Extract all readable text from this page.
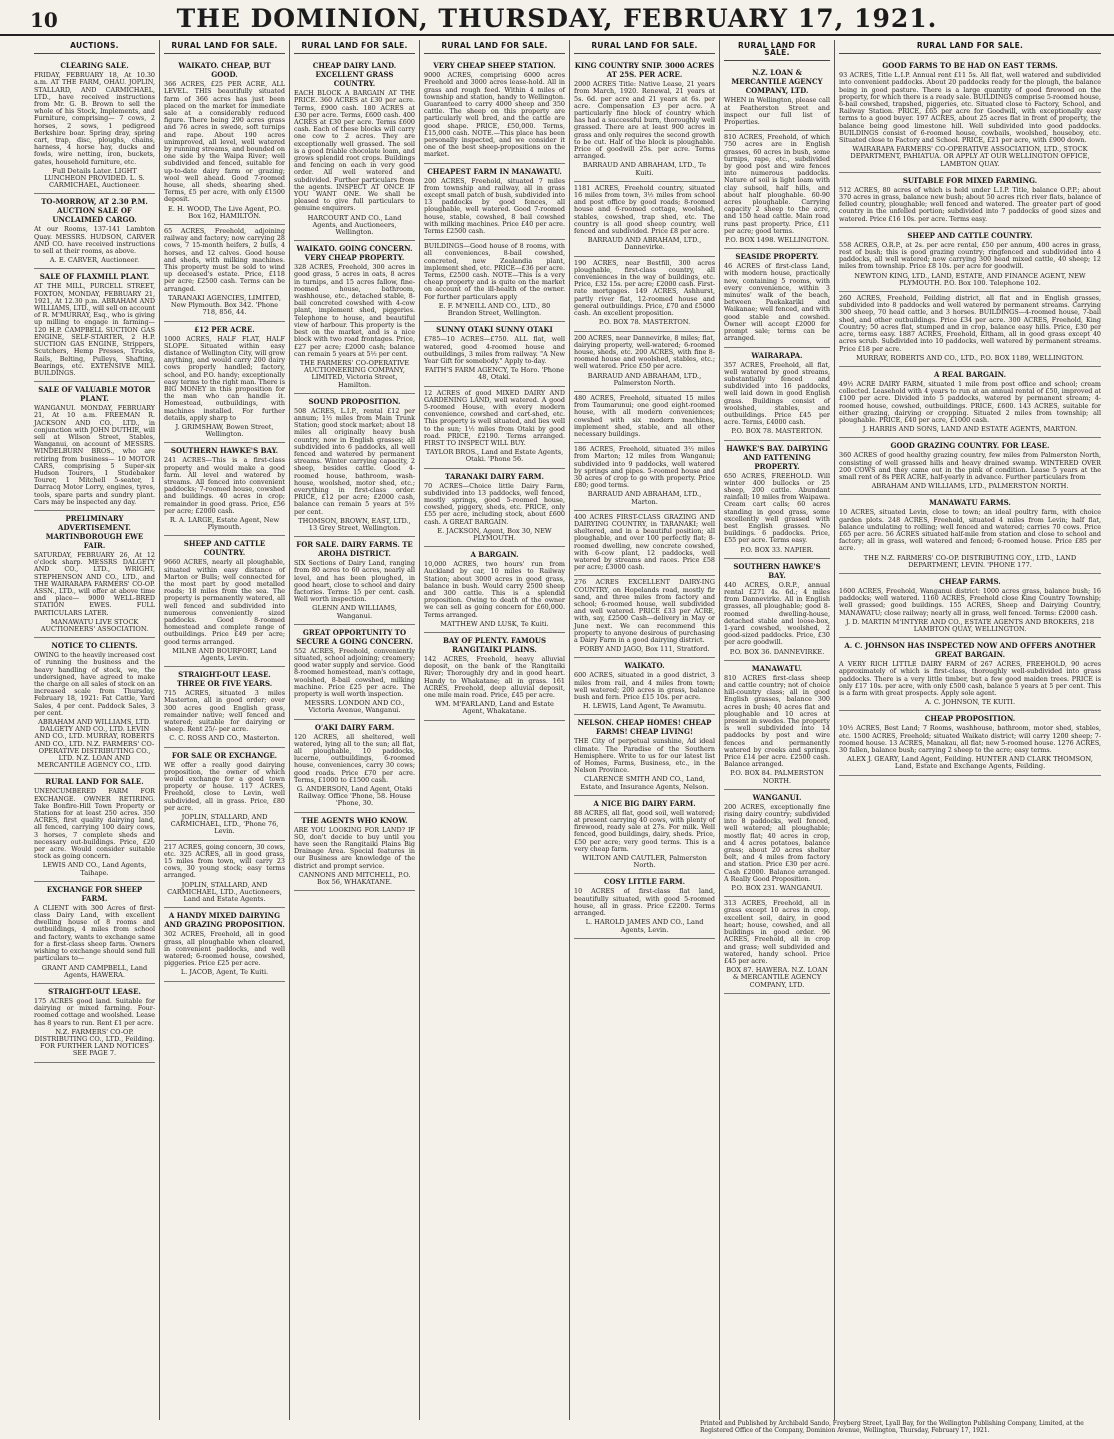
10	THE DOMINION, THURSDAY, FEBRUARY 17, 1921.
AUCTIONS.
CLEARING SALE.

FRIDAY, FEBRUARY 18, At 10.30 a.m. AT THE FARM, OHAU. JOPLIN, STALLARD, AND CARMICHAEL, LTD., have received instructions from Mr. G. B. Brown to sell the whole of his Stock, Implements, and Furniture, comprising— 7 cows, 2 horses, 2 sows, 1 pedigreed Berkshire boar. Spring dray, spring cart, trap, disc, ploughs, chains, harness, 4 horse hay, ducks and fowls, wire netting, iron, buckets, gates, household furniture, etc.

Full Details Later. LIGHT LUNCHEON PROVIDED. L. S. CARMICHAEL, Auctioneer.
TO-MORROW, AT 2.30 P.M. AUCTION SALE OF UNCLAIMED CARGO.

At our Rooms, 137-141 Lambton Quay. MESSRS. HUDSON, CARVER AND CO. have received instructions to sell at their rooms, as above.

A. E. CARVER, Auctioneer.
SALE OF FLAXMILL PLANT.

AT THE MILL, PURCELL STREET, FOXTON, MONDAY, FEBRUARY 21, 1921, At 12.30 p.m. ABRAHAM AND WILLIAMS, LTD., will sell on account of R. M'MURRAY, Esq., who is giving up milling to engage in farming— 120 H.P. CAMPBELL SUCTION GAS ENGINE, SELF-STARTER, 2 H.P. SUCTION GAS ENGINE, Strippers, Scutchers, Hemp Presses, Trucks, Rails, Belting, Pulleys, Shafting, Bearings, etc. EXTENSIVE MILL BUILDINGS.

SALE OF VALUABLE MOTOR PLANT.

WANGANUI. MONDAY, FEBRUARY 21, At 10 a.m. FREEMAN R. JACKSON AND CO., LTD., in conjunction with JOHN DUTHIE, will sell at Wilson Street, Stables, Wanganui, on account of MESSRS. WINDELBURN BROS., who are retiring from business— 10 MOTOR CARS, comprising 5 Super-six Hudson Tourers, 1 Studebaker Tourer, 1 Mitchell 5-seater, 1 Darracq Motor Lorry, engines, tyres, tools, spare parts and sundry plant. Cars may be inspected any day.

PRELIMINARY ADVERTISEMENT. MARTINBOROUGH EWE FAIR.

SATURDAY, FEBRUARY 26, At 12 o'clock sharp. MESSRS DALGETY AND CO., LTD., WRIGHT, STEPHENSON AND CO., LTD., and THE WAIRARAPA FARMERS' CO-OP. ASSN., LTD., will offer at above time and place— 9000 WELL-BRED STATION EWES. FULL PARTICULARS LATER.

MANAWATU LIVE STOCK AUCTIONEERS' ASSOCIATION.
NOTICE TO CLIENTS.

OWING to the heavily increased cost of running the business and the heavy handling of stock, we, the undersigned, have agreed to make the charge on all sales of stock on an increased scale from Thursday, February 18, 1921: Fat Cattle, Yard Sales, 4 per cent. Paddock Sales, 3 per cent.

ABRAHAM AND WILLIAMS, LTD. DALGETY AND CO., LTD. LEVIN AND CO., LTD. MURRAY, ROBERTS AND CO., LTD. N.Z. FARMERS' CO-OPERATIVE DISTRIBUTING CO., LTD. N.Z. LOAN AND MERCANTILE AGENCY CO., LTD.
RURAL LAND FOR SALE.

UNENCUMBERED FARM FOR EXCHANGE. OWNER RETIRING. Take Bonfire-Hill Town Property or Stations for at least 250 acres. 350 ACRES, first quality dairying land, all fenced, carrying 100 dairy cows, 3 horses, 7 complete sheds and necessary out-buildings. Price, £20 per acre. Would consider suitable stock as going concern.

LEWIS AND CO., Land Agents, Taihape.
EXCHANGE FOR SHEEP FARM.

A CLIENT with 300 Acres of first-class Dairy Land, with excellent dwelling house of 8 rooms and outbuildings, 4 miles from school and factory, wants to exchange same for a first-class sheep farm. Owners wishing to exchange should send full particulars to—

GRANT AND CAMPBELL, Land Agents, HAWERA.
STRAIGHT-OUT LEASE.

175 ACRES good land. Suitable for dairying or mixed farming. Four-roomed cottage and woolshed. Lease has 8 years to run. Rent £1 per acre.

N.Z. FARMERS' CO-OP. DISTRIBUTING CO., LTD., Feilding. FOR FURTHER LAND NOTICES SEE PAGE 7.
RURAL LAND FOR SALE.
WAIKATO. CHEAP, BUT GOOD.

366 ACRES, £25 PER ACRE, ALL LEVEL. THIS beautifully situated farm of 366 acres has just been placed on the market for immediate sale at a considerably reduced figure. There being 290 acres grass and 76 acres in swede, soft turnips and rape. About 190 acres unimproved, all level, well watered by running streams, and bounded on one side by the Waipa River; well subdivided and fenced, suitable for up-to-date dairy farm or grazing; wool well ahead. Good 7-roomed house, all sheds, shearing shed. Terms, £5 per acre, with only £1500 deposit.

E. H. WOOD, The Live Agent, P.O. Box 162, HAMILTON.

65 ACRES, Freehold, adjoining railway and factory; now carrying 28 cows, 7 15-month heifers, 2 bulls, 4 horses, and 12 calves. Good house and sheds, with milking machines. This property must be sold to wind up deceased's estate. Price, £118 per acre; £2500 cash. Terms can be arranged.

TARANAKI AGENCIES, LIMITED, New Plymouth. Box 342. 'Phone 718, 856, 44.
£12 PER ACRE.

1000 ACRES, HALF FLAT, HALF SLOPE. Situated within easy distance of Wellington City, will grow anything, and would carry 200 dairy cows properly handled; factory, school, and P.O. handy; exceptionally easy terms to the right man. There is BIG MONEY in this proposition for the man who can handle it. Homestead, outbuildings, with machines installed. For further details, apply sharp to

J. GRIMSHAW, Bowen Street, Wellington.
SOUTHERN HAWKE'S BAY.

241 ACRES—This is a first-class property and would make a good farm. All level and watered by streams. All fenced into convenient paddocks; 7-roomed house, cowshed and buildings. 40 acres in crop; remainder in good grass. Price, £56 per acre; £2000 cash.

R. A. LARGE, Estate Agent, New Plymouth.
SHEEP AND CATTLE COUNTRY.

9660 ACRES, nearly all ploughable, situated within easy distance of Marton or Bulls; well connected for the most part by good metalled roads; 18 miles from the sea. The property is permanently watered, all well fenced and subdivided into numerous conveniently sized paddocks. Good 8-roomed homestead and complete range of outbuildings. Price £49 per acre; good terms arranged.

MILNE AND BOURFORT, Land Agents, Levin.
STRAIGHT-OUT LEASE. THREE OR FIVE YEARS.

715 ACRES, situated 3 miles Masterton, all in good order; over 300 acres good English grass, remainder native; well fenced and watered; suitable for dairying or sheep. Rent 25/- per acre.

C. C. ROSS AND CO., Masterton.
FOR SALE OR EXCHANGE.

WE offer a really good dairying proposition, the owner of which would exchange for a good town property or house. 117 ACRES, Freehold, close to Levin, well subdivided, all in grass. Price, £80 per acre.

JOPLIN, STALLARD, AND CARMICHAEL, LTD., 'Phone 76, Levin.

217 ACRES, going concern, 30 cows, etc. 325 ACRES, all in good grass, 15 miles from town, will carry 23 cows, 30 young stock; easy terms arranged.

JOPLIN, STALLARD, AND CARMICHAEL, LTD., Auctioneers, Land and Estate Agents.
A HANDY MIXED DAIRYING AND GRAZING PROPOSITION.

302 ACRES, Freehold, all in good grass, all ploughable when cleared, in convenient paddocks, and well watered; 6-roomed house, cowshed, piggeries. Price £25 per acre.

L. JACOB, Agent, Te Kuiti.
RURAL LAND FOR SALE.
CHEAP DAIRY LAND. EXCELLENT GRASS COUNTRY.

EACH BLOCK A BARGAIN AT THE PRICE. 360 ACRES at £30 per acre. Terms, £900 cash. 180 ACRES at £30 per acre. Terms, £600 cash. 400 ACRES at £30 per acre. Terms £600 cash. Each of these blocks will carry one cow to 2 acres. They are exceptionally well grassed. The soil is a good friable chocolate loam, and grows splendid root crops. Buildings and fencing on each in very good order. All well watered and subdivided. Further particulars from the agents. INSPECT AT ONCE IF YOU WANT ONE. We shall be pleased to give full particulars to genuine enquirers.

HARCOURT AND CO., Land Agents, and Auctioneers, Wellington.
WAIKATO. GOING CONCERN. VERY CHEAP PROPERTY.

328 ACRES, Freehold, 300 acres in good grass, 5 acres in oats, 8 acres in turnips, and 15 acres fallow, fine-roomed house, bathroom, washhouse, etc., detached stable, 8-bail concreted cowshed with 4-cow plant, implement shed, piggeries. Telephone to house, and beautiful view of harbour. This property is the best on the market, and is a nice block with two road frontages. Price, £27 per acre; £2000 cash; balance can remain 5 years at 5½ per cent.

THE FARMERS' CO-OPERATIVE AUCTIONEERING COMPANY, LIMITED, Victoria Street, Hamilton.
SOUND PROPOSITION.

508 ACRES, L.I.P., rental £12 per annum; 1½ miles from Main Trunk Station; good stock market; about 18 miles all originally heavy bush country, now in English grasses; all subdivided into 6 paddocks, all well fenced and watered by permanent streams. Winter carrying capacity, 2 sheep, besides cattle. Good 4-roomed house, bathroom, wash-house, woolshed, motor shed, etc.; everything in first-class order. PRICE, £12 per acre; £2000 cash, balance can remain 5 years at 5½ per cent.

THOMSON, BROWN, EAST, LTD., 13 Grey Street, Wellington.
FOR SALE. DAIRY FARMS. TE AROHA DISTRICT.

SIX Sections of Dairy Land, ranging from 80 acres to 60 acres, nearly all level, and has been ploughed, in good heart, close to school and dairy factories. Terms: 15 per cent. cash. Well worth inspection.

GLENN AND WILLIAMS, Wanganui.
GREAT OPPORTUNITY TO SECURE A GOING CONCERN.

552 ACRES, Freehold, conveniently situated, school adjoining; creamery; good water supply and service. Good 8-roomed homestead, man's cottage, woolshed, 8-bail cowshed, milking machine. Price £25 per acre. The property is well worth inspection.

MESSRS. LONDON AND CO., Victoria Avenue, Wanganui.
O'AKI DAIRY FARM.

120 ACRES, all sheltered, well watered, lying all to the sun; all flat, all ploughable, 10 paddocks, lucerne, outbuildings, 6-roomed house, conveniences, carry 30 cows; good roads. Price £70 per acre. Terms, £1000 to £1500 cash.

G. ANDERSON, Land Agent, Otaki Railway. Office 'Phone, 58. House 'Phone, 30.
THE AGENTS WHO KNOW.

ARE YOU LOOKING FOR LAND? IF SO, don't decide to buy until you have seen the Rangitaiki Plains Big Drainage Area. Special features in our Business are knowledge of the district and prompt service.

CANNONS AND MITCHELL, P.O. Box 56, WHAKATANE.
RURAL LAND FOR SALE.
VERY CHEAP SHEEP STATION.

9000 ACRES, comprising 6000 acres Freehold and 3000 acres lease-hold. All in grass and rough feed. Within 4 miles of township and station, handy to Wellington. Guaranteed to carry 4000 sheep and 350 cattle. The sheep on this property are particularly well bred, and the cattle are good shape. PRICE, £50,000. Terms, £15,000 cash. NOTE.—This place has been personally inspected, and we consider it one of the best sheep-propositions on the market.

CHEAPEST FARM IN MANAWATU.

200 ACRES, Freehold, situated 7 miles from township and railway, all in grass except small patch of bush, subdivided into 13 paddocks by good fences, all ploughable, well watered. Good 7-roomed house, stable, cowshed, 8 bail cowshed with milking machines. Price £40 per acre. Terms £2500 cash.

BUILDINGS—Good house of 8 rooms, with all conveniences, 8-bail cowshed, concreted, new Zealandia plant, implement shed, etc. PRICE—£36 per acre. Terms, £2500 cash. NOTE—This is a very cheap property and is quite on the market on account of the ill-health of the owner. For further particulars apply

E. F. M'NEILL AND CO., LTD., 80 Brandon Street, Wellington.
SUNNY OTAKI SUNNY OTAKI

£785—10 ACRES—£750. ALL flat, well watered, good 4-roomed house and outbuildings, 3 miles from railway. "A New Year Gift for somebody." Apply to-day.

FAITH'S FARM AGENCY, Te Horo. 'Phone 48, Otaki.

12 ACRES of good MIXED DAIRY AND GARDENING LAND, well watered. A good 5-roomed House, with every modern convenience, cowshed and cart-shed, etc. This property is well situated, and lies well to the sun; 1½ miles from Otaki by good road. PRICE, £2190. Terms arranged. FIRST TO INSPECT WILL BUY.

TAYLOR BROS., Land and Estate Agents, Otaki. 'Phone 56.
TARANAKI DAIRY FARM.

70 ACRES—Choice little Dairy Farm, subdivided into 13 paddocks, well fenced, mostly springs, good 5-roomed house, cowshed, piggery, sheds, etc. PRICE, only £55 per acre, including stock, about £600 cash. A GREAT BARGAIN.

E. JACKSON, Agent, Box 30, NEW PLYMOUTH.
A BARGAIN.

10,000 ACRES, two hours' run from Auckland by car, 10 miles to Railway Station; about 3000 acres in good grass, balance in bush. Would carry 2500 sheep and 300 cattle. This is a splendid proposition. Owing to death of the owner we can sell as going concern for £60,000. Terms arranged.

MATTHEW AND LUSK, Te Kuiti.
BAY OF PLENTY. FAMOUS RANGITAIKI PLAINS.

142 ACRES, Freehold, heavy alluvial deposit, on the bank of the Rangitaiki River; Thoroughly dry and in good heart. Handy to Whakatane; all in grass. 161 ACRES, Freehold, deep alluvial deposit, one mile main road. Price, £45 per acre.

WM. M'FARLAND, Land and Estate Agent, Whakatane.
RURAL LAND FOR SALE.
KING COUNTRY SNIP. 3000 ACRES AT 25S. PER ACRE.

2000 ACRES Title: Native Lease, 21 years from March, 1920. Renewal, 21 years at 5s. 6d. per acre and 21 years at 6s. per acre. Compensation £3 per acre. A particularly fine block of country which has had a successful burn, thoroughly well grassed. There are at least 900 acres in grass and only requires the second growth to be cut. Half of the block is ploughable. Price of goodwill 25s. per acre. Terms arranged.

BARRAUD AND ABRAHAM, LTD., Te Kuiti.

1181 ACRES, Freehold country, situated 16 miles from town, 3½ miles from school and post office by good roads; 8-roomed house and 6-roomed cottage, woolshed, stables, cowshed, trap shed, etc. The country is all good sheep country, well fenced and subdivided. Price £8 per acre.

BARRAUD AND ABRAHAM, LTD., Dannevirke.

190 ACRES, near Bestfill, 300 acres ploughable, first-class country, all conveniences in the way of buildings, etc. Price, £32 15s. per acre; £2000 cash. First-rate mortgages. 149 ACRES, Ashhurst, partly river flat, 12-roomed house and general outbuildings. Price, £70 and £5000 cash. An excellent proposition.

P.O. BOX 78. MASTERTON.

200 ACRES, near Dannevirke, 8 miles; flat, dairying property, well-watered; 6-roomed house, sheds, etc. 200 ACRES, with fine 8-roomed house and woolshed, stables, etc.; well watered. Price £50 per acre.

BARRAUD AND ABRAHAM, LTD., Palmerston North.

480 ACRES, Freehold, situated 15 miles from Taumarunui; one good eight-roomed house, with all modern conveniences; cowshed with six modern machines, implement shed, stable, and all other necessary buildings.

186 ACRES, Freehold, situated 3½ miles from Marton; 12 miles from Wanganui; subdivided into 9 paddocks, well watered by springs and pipes. 5-roomed house and 30 acres of crop to go with property. Price £80; good terms.

BARRAUD AND ABRAHAM, LTD., Marton.

400 ACRES FIRST-CLASS GRAZING AND DAIRYING COUNTRY, in TARANAKI; well sheltered, and in a beautiful position; all ploughable, and over 100 perfectly flat; 8-roomed dwelling, new concrete cowshed, with 6-cow plant, 12 paddocks, well watered by streams and races. Price £58 per acre; £3000 cash.

276 ACRES EXCELLENT DAIRY-ING COUNTRY, on Hopelands road, mostly fir sand, and three miles from factory and school; 6-roomed house, well subdivided and well watered. PRICE £33 per ACRE, with, say, £2500 Cash—delivery in May or June next. We can recommend this property to anyone desirous of purchasing a Dairy Farm in a good dairying district.

FORBY AND JAGO, Box 111, Stratford.
WAIKATO.

600 ACRES, situated in a good district, 3 miles from rail, and 4 miles from town; well watered; 200 acres in grass, balance bush and fern. Price £15 10s. per acre.

H. LEWIS, Land Agent, Te Awamutu.
NELSON. CHEAP HOMES! CHEAP FARMS! CHEAP LIVING!

THE City of perpetual sunshine, Ad ideal climate. The Paradise of the Southern Hemisphere. Write to us for our latest list of Homes, Farms, Business, etc., in the Nelson Province.

CLARENCE SMITH AND CO., Land, Estate, and Insurance Agents, Nelson.
A NICE BIG DAIRY FARM.

88 ACRES, all flat, good soil, well watered; at present carrying 40 cows, with plenty of firewood, ready sale at 27s. For milk. Well fenced, good buildings, dairy, sheds. Price, £50 per acre; very good terms. This is a very cheap farm.

WILTON AND CAUTLER, Palmerston North.
COSY LITTLE FARM.

10 ACRES of first-class flat land, beautifully situated, with good 5-roomed house, all in grass. Price £2200. Terms arranged.

L. HAROLD JAMES AND CO., Land Agents, Levin.
RURAL LAND FOR SALE.
N.Z. LOAN & MERCANTILE AGENCY COMPANY, LTD.

WHEN in Wellington, please call at Featherston Street and inspect our full list of Properties.

810 ACRES, Freehold, of which 750 acres are in English grasses, 60 acres in bush, some turnips, rape, etc., subdivided by good post and wire fences into numerous paddocks. Nature of soil is light loam with clay subsoil, half hills, and about half ploughable. 60-90 acres ploughable. Carrying capacity 2 sheep to the acre, and 150 head cattle. Main road runs past property. Price, £11 per acre; good terms.

P.O. BOX 1498. WELLINGTON.
SEASIDE PROPERTY.

46 ACRES of first-class Land, with modern house, practically new, containing 5 rooms, with every convenience, within 3 minutes' walk of the beach, between Paekakariki and Waikanae; well fenced, and with good stable and cowshed. Owner will accept £2000 for prompt sale; terms can be arranged.

WAIRARAPA.

357 ACRES, Freehold, all flat, well watered by good streams, substantially fenced and subdivided into 16 paddocks, well laid down in good English grass. Buildings consist of woolshed, stables, and outbuildings. Price £45 per acre. Terms, £4000 cash.

P.O. BOX 78. MASTERTON.
HAWKE'S BAY. DAIRYING AND FATTENING PROPERTY.

650 ACRES, FREEHOLD. Will winter 400 bullocks or 25 sheep, 200 cattle. Abundant rainfall; 10 miles from Waipawa. Cream cart calls; 60 acres standing in good grass, some excellently well grassed with best English grasses. No buildings. 6 paddocks. Price, £55 per acre. Terms easy.

P.O. BOX 33. NAPIER.
SOUTHERN HAWKE'S BAY.

440 ACRES, O.R.P., annual rental £271 4s. 6d.; 4 miles from Dannevirke. All in English grasses, all ploughable; good 8-roomed dwelling-house, detached stable and loose-box, 1-yard cowshed, woolshed, 2 good-sized paddocks. Price, £30 per acre goodwill.

P.O. BOX 36. DANNEVIRKE.
MANAWATU.

810 ACRES first-class sheep and cattle country; not of choice hill-country class; all in good English grasses, balance 300 acres in bush; 40 acres flat and ploughable and 10 acres at present in swedes. The property is well subdivided into 14 paddocks by post and wire fences and permanently watered by creeks and springs. Price £14 per acre. £2500 cash. Balance arranged.

P.O. BOX 84. PALMERSTON NORTH.
WANGANUI.

200 ACRES, exceptionally fine rising dairy country; subdivided into 8 paddocks, well fenced, well watered; all ploughable; mostly flat; 40 acres in crop, and 4 acres potatoes, balance grass; about 20 acres shelter belt, and 4 miles from factory and station. Price £30 per acre. Cash £2000. Balance arranged. A Really Good Proposition.

P.O. BOX 231. WANGANUI.

313 ACRES, Freehold, all in grass except 10 acres in crop, excellent soil, dairy, in good heart; house, cowshed, and all buildings in good order. 96 ACRES, Freehold, all in crop and grass; well subdivided and watered, handy school. Price £45 per acre.

BOX 87. HAWERA. N.Z. LOAN & MERCANTILE AGENCY COMPANY, LTD.
RURAL LAND FOR SALE.
GOOD FARMS TO BE HAD ON EAST TERMS.

93 ACRES, Title L.I.P. Annual rent £11 5s. All flat, well watered and subdivided into convenient paddocks. About 20 paddocks ready for the plough, the balance being in good pasture. There is a large quantity of good firewood on the property, for which there is a ready sale. BUILDINGS comprise 5-roomed house, 6-bail cowshed, trapshed, piggeries, etc. Situated close to Factory, School, and Railway Station. PRICE, £65 per acre for Goodwill, with exceptionally easy terms to a good buyer. 197 ACRES, about 25 acres flat in front of property, the balance being good limestone hill. Well subdivided into good paddocks. BUILDINGS consist of 6-roomed house, cowbails, woolshed, houseboy, etc. Situated close to Factory and School. PRICE, £21 per acre, with £900 down.

WAIRARAPA FARMERS' CO-OPERATIVE ASSOCIATION, LTD., STOCK DEPARTMENT, PAHIATUA. OR APPLY AT OUR WELLINGTON OFFICE, LAMBTON QUAY.
SUITABLE FOR MIXED FARMING.

512 ACRES, 80 acres of which is held under L.I.P. Title, balance O.P.P.; about 370 acres in grass, balance new bush; about 50 acres rich river flats, balance of felled country, ploughable; well fenced and watered. The greater part of good country in the unfelled portion; subdivided into 7 paddocks of good sizes and watered. Price £16 10s. per acre. Terms easy.

SHEEP AND CATTLE COUNTRY.

558 ACRES, O.R.P., at 2s. per acre rental, £50 per annum, 400 acres in grass, rest of bush; this is good grazing country; ringfenced and subdivided into 4 paddocks, all well watered; now carrying 300 head mixed cattle, 40 sheep; 12 miles from township. Price £8 10s. per acre for goodwill.

NEWTON KING, LTD., LAND, ESTATE, AND FINANCE AGENT, NEW PLYMOUTH. P.O. Box 100. Telephone 102.

260 ACRES, Freehold, Feilding district, all flat and in English grasses, subdivided into 8 paddocks and well watered by permanent streams. Carrying 300 sheep, 70 head cattle, and 3 horses. BUILDINGS—4-roomed house, 7-bail shed, and other outbuildings. Price £34 per acre. 300 ACRES, Freehold, King Country; 50 acres flat, stumped and in crop, balance easy hills. Price, £30 per acre, terms easy. 1887 ACRES, Freehold, Eltham, all in good grass except 40 acres scrub. Subdivided into 10 paddocks, well watered by permanent streams. Price £18 per acre.

MURRAY, ROBERTS AND CO., LTD., P.O. BOX 1189, WELLINGTON.
A REAL BARGAIN.

49½ ACRE DAIRY FARM, situated 1 mile from post office and school; cream collected. Leasehold with 4 years to run at an annual rental of £50, improved at £100 per acre. Divided into 5 paddocks, watered by permanent stream; 4-roomed house, cowshed, outbuildings. PRICE, £600. 143 ACRES, suitable for either grazing, dairying or cropping. Situated 2 miles from township; all ploughable. PRICE, £40 per acre, £1000 cash.

J. HARRIS AND SONS, LAND AND ESTATE AGENTS, MARTON.
GOOD GRAZING COUNTRY. FOR LEASE.

360 ACRES of good healthy grazing country, few miles from Palmerston North, consisting of well grassed hills and heavy drained swamp. WINTERED OVER 200 COWS and they came out in the pink of condition. Lease 5 years at the small rent of 8s PER ACRE, half-yearly in advance. Further particulars from

ABRAHAM AND WILLIAMS, LTD., PALMERSTON NORTH.
MANAWATU FARMS.

10 ACRES, situated Levin, close to town; an ideal poultry farm, with choice garden plots. 248 ACRES, Freehold, situated 4 miles from Levin; half flat, balance undulating to rolling; well fenced and watered; carries 70 cows. Price £65 per acre. 56 ACRES situated half-mile from station and close to school and factory; all in grass, well watered and fenced; 6-roomed house. Price £85 per acre.

THE N.Z. FARMERS' CO-OP. DISTRIBUTING COY., LTD., LAND DEPARTMENT, LEVIN. 'PHONE 177.
CHEAP FARMS.

1600 ACRES, Freehold, Wanganui district: 1000 acres grass, balance bush; 16 paddocks; well watered. 1160 ACRES, Freehold close King Country Township; well grassed; good buildings. 155 ACRES, Sheep and Dairying Country, MANAWATU; close railway; nearly all in grass, well fenced. Terms: £2000 cash.

J. D. MARTIN M'INTYRE AND CO., ESTATE AGENTS AND BROKERS, 218 LAMBTON QUAY, WELLINGTON.
A. C. JOHNSON HAS INSPECTED NOW AND OFFERS ANOTHER GREAT BARGAIN.

A VERY RICH LITTLE DAIRY FARM of 267 ACRES, FREEHOLD, 90 acres approximately of which is first-class, thoroughly well-subdivided into grass paddocks. There is a very little timber, but a few good maiden trees. PRICE is only £17 10s. per acre, with only £500 cash, balance 5 years at 5 per cent. This is a farm with great prospects. Apply sole agent.

A. C. JOHNSON, TE KUITI.
CHEAP PROPOSITION.

10½ ACRES, Best Land; 7 Rooms, washhouse, bathroom, motor shed, stables, etc. 1500 ACRES, Freehold; situated Waikato district; will carry 1200 sheep; 7-roomed house. 13 ACRES, Manakau, all flat; new 5-roomed house. 1276 ACRES, 30 fallen, balance bush; carrying 2 sheep to the acre; easy terms.

ALEX J. GEARY, Land Agent, Feilding. HUNTER AND CLARK THOMSON, Land, Estate and Exchange Agents, Feilding.
Printed and Published by Archibald Sando, Freyberg Street, Lyall Bay, for the Wellington Publishing Company, Limited, at the Registered Office of the Company, Dominion Avenue, Wellington, Thursday, February 17, 1921.
